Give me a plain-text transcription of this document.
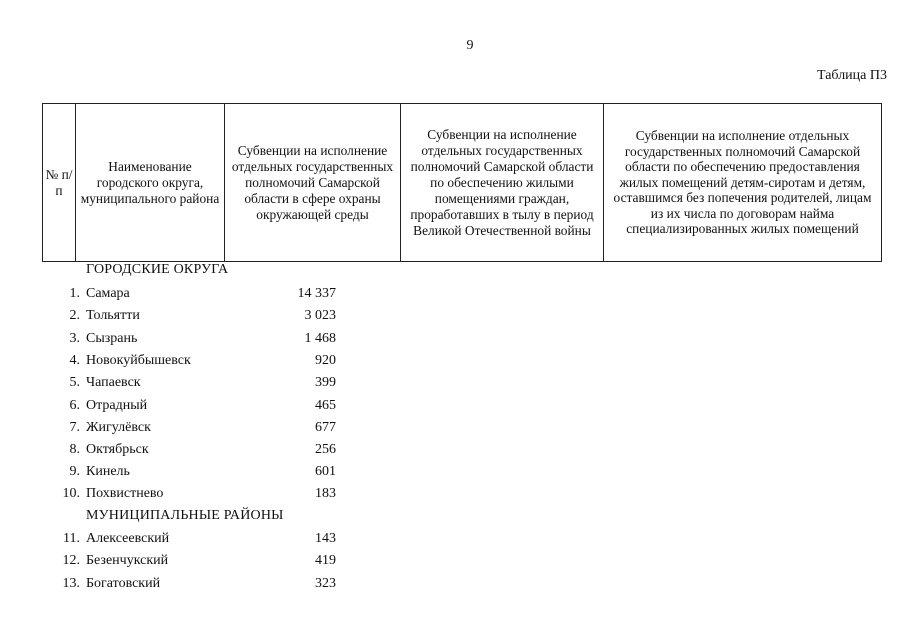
9
Таблица П3
№ п/п	Наименование городского округа, муниципального района	Субвенции на исполнение отдельных государственных полномочий Самарской области в сфере охраны окружающей среды	Субвенции на исполнение отдельных государственных полномочий Самарской области по обеспечению жилыми помещениями граждан, проработавших в тылу в период Великой Отечественной войны	Субвенции на исполнение отдельных государственных полномочий Самарской области по обеспечению предоставления жилых помещений детям-сиротам и детям, оставшимся без попечения родителей, лицам из их числа по договорам найма специализированных жилых помещений
ГОРОДСКИЕ ОКРУГА
1. Самара	14 337
2. Тольятти	3 023
3. Сызрань	1 468
4. Новокуйбышевск	920
5. Чапаевск	399
6. Отрадный	465
7. Жигулёвск	677
8. Октябрьск	256
9. Кинель	601
10. Похвистнево	183
МУНИЦИПАЛЬНЫЕ РАЙОНЫ
11. Алексеевский	143
12. Безенчукский	419
13. Богатовский	323
